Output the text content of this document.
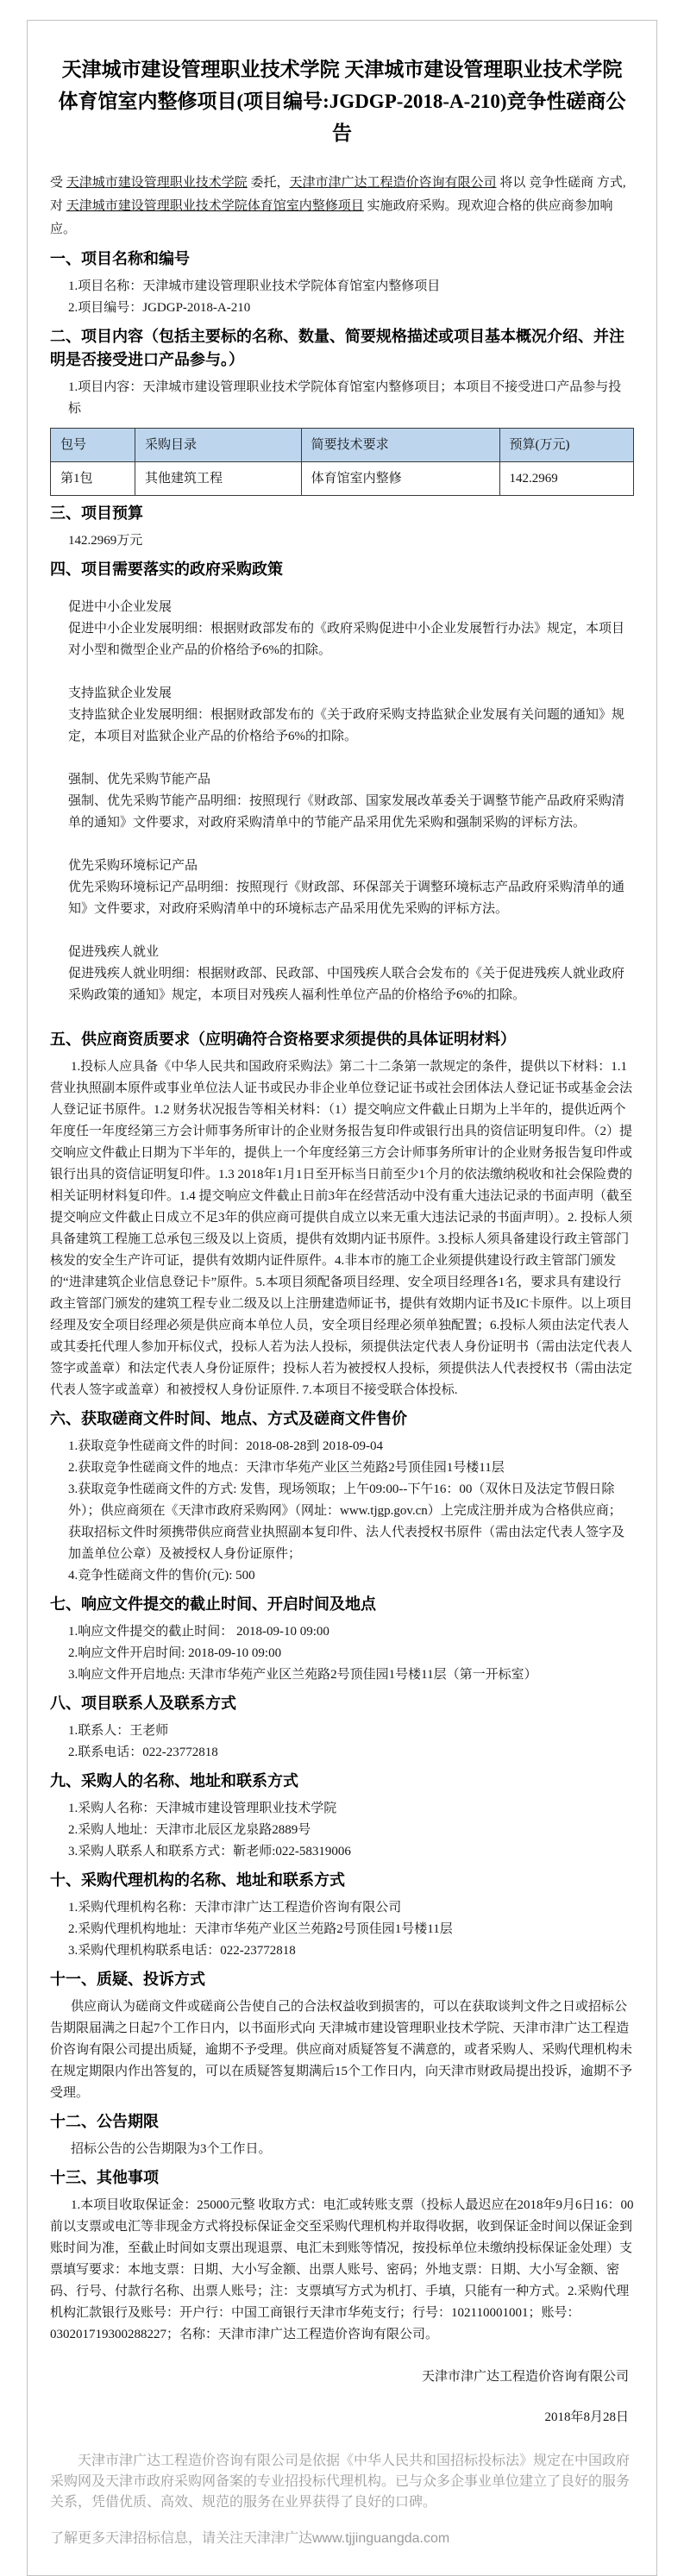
天津城市建设管理职业技术学院 天津城市建设管理职业技术学院体育馆室内整修项目(项目编号:JGDGP-2018-A-210)竞争性磋商公告

受 天津城市建设管理职业技术学院 委托，天津市津广达工程造价咨询有限公司 将以 竞争性磋商 方式,对 天津城市建设管理职业技术学院体育馆室内整修项目 实施政府采购。现欢迎合格的供应商参加响应。

一、项目名称和编号

1.项目名称：天津城市建设管理职业技术学院体育馆室内整修项目

2.项目编号：JGDGP-2018-A-210

二、项目内容（包括主要标的名称、数量、简要规格描述或项目基本概况介绍、并注明是否接受进口产品参与。）

1.项目内容：天津城市建设管理职业技术学院体育馆室内整修项目；本项目不接受进口产品参与投标

包号	采购目录	简要技术要求	预算(万元)
第1包	其他建筑工程	体育馆室内整修	142.2969
三、项目预算

142.2969万元

四、项目需要落实的政府采购政策

促进中小企业发展

促进中小企业发展明细：根据财政部发布的《政府采购促进中小企业发展暂行办法》规定，本项目对小型和微型企业产品的价格给予6%的扣除。

支持监狱企业发展

支持监狱企业发展明细：根据财政部发布的《关于政府采购支持监狱企业发展有关问题的通知》规定，本项目对监狱企业产品的价格给予6%的扣除。

强制、优先采购节能产品

强制、优先采购节能产品明细：按照现行《财政部、国家发展改革委关于调整节能产品政府采购清单的通知》文件要求，对政府采购清单中的节能产品采用优先采购和强制采购的评标方法。

优先采购环境标记产品

优先采购环境标记产品明细：按照现行《财政部、环保部关于调整环境标志产品政府采购清单的通知》文件要求，对政府采购清单中的环境标志产品采用优先采购的评标方法。

促进残疾人就业

促进残疾人就业明细：根据财政部、民政部、中国残疾人联合会发布的《关于促进残疾人就业政府采购政策的通知》规定，本项目对残疾人福利性单位产品的价格给予6%的扣除。

五、供应商资质要求（应明确符合资格要求须提供的具体证明材料）

1.投标人应具备《中华人民共和国政府采购法》第二十二条第一款规定的条件，提供以下材料：1.1营业执照副本原件或事业单位法人证书或民办非企业单位登记证书或社会团体法人登记证书或基金会法人登记证书原件。1.2 财务状况报告等相关材料：（1）提交响应文件截止日期为上半年的，提供近两个年度任一年度经第三方会计师事务所审计的企业财务报告复印件或银行出具的资信证明复印件。（2）提交响应文件截止日期为下半年的，提供上一个年度经第三方会计师事务所审计的企业财务报告复印件或银行出具的资信证明复印件。1.3 2018年1月1日至开标当日前至少1个月的依法缴纳税收和社会保险费的相关证明材料复印件。1.4 提交响应文件截止日前3年在经营活动中没有重大违法记录的书面声明（截至提交响应文件截止日成立不足3年的供应商可提供自成立以来无重大违法记录的书面声明）。2. 投标人须具备建筑工程施工总承包三级及以上资质，提供有效期内证书原件。3.投标人须具备建设行政主管部门核发的安全生产许可证，提供有效期内证件原件。4.非本市的施工企业须提供建设行政主管部门颁发的“进津建筑企业信息登记卡”原件。5.本项目须配备项目经理、安全项目经理各1名，要求具有建设行政主管部门颁发的建筑工程专业二级及以上注册建造师证书，提供有效期内证书及IC卡原件。以上项目经理及安全项目经理必须是供应商本单位人员，安全项目经理必须单独配置；6.投标人须由法定代表人或其委托代理人参加开标仪式，投标人若为法人投标，须提供法定代表人身份证明书（需由法定代表人签字或盖章）和法定代表人身份证原件；投标人若为被授权人投标，须提供法人代表授权书（需由法定代表人签字或盖章）和被授权人身份证原件. 7.本项目不接受联合体投标.

六、获取磋商文件时间、地点、方式及磋商文件售价

1.获取竞争性磋商文件的时间：2018-08-28到 2018-09-04

2.获取竞争性磋商文件的地点：天津市华苑产业区兰苑路2号顶佳园1号楼11层

3.获取竞争性磋商文件的方式: 发售，现场领取；上午09:00--下午16：00（双休日及法定节假日除外）；供应商须在《天津市政府采购网》（网址：www.tjgp.gov.cn）上完成注册并成为合格供应商；获取招标文件时须携带供应商营业执照副本复印件、法人代表授权书原件（需由法定代表人签字及加盖单位公章）及被授权人身份证原件；

4.竞争性磋商文件的售价(元): 500

七、响应文件提交的截止时间、开启时间及地点

1.响应文件提交的截止时间： 2018-09-10 09:00

2.响应文件开启时间: 2018-09-10 09:00

3.响应文件开启地点: 天津市华苑产业区兰苑路2号顶佳园1号楼11层（第一开标室）

八、项目联系人及联系方式

1.联系人：王老师

2.联系电话：022-23772818

九、采购人的名称、地址和联系方式

1.采购人名称：天津城市建设管理职业技术学院

2.采购人地址：天津市北辰区龙泉路2889号

3.采购人联系人和联系方式：靳老师:022-58319006

十、采购代理机构的名称、地址和联系方式

1.采购代理机构名称：天津市津广达工程造价咨询有限公司

2.采购代理机构地址：天津市华苑产业区兰苑路2号顶佳园1号楼11层

3.采购代理机构联系电话：022-23772818

十一、质疑、投诉方式

供应商认为磋商文件或磋商公告使自己的合法权益收到损害的，可以在获取谈判文件之日或招标公告期限届满之日起7个工作日内，以书面形式向 天津城市建设管理职业技术学院、天津市津广达工程造价咨询有限公司提出质疑，逾期不予受理。供应商对质疑答复不满意的，或者采购人、采购代理机构未在规定期限内作出答复的，可以在质疑答复期满后15个工作日内，向天津市财政局提出投诉，逾期不予受理。

十二、公告期限

招标公告的公告期限为3个工作日。

十三、其他事项

1.本项目收取保证金：25000元整 收取方式：电汇或转账支票（投标人最迟应在2018年9月6日16：00前以支票或电汇等非现金方式将投标保证金交至采购代理机构并取得收据，收到保证金时间以保证金到账时间为准，至截止时间如支票出现退票、电汇未到账等情况，按投标单位未缴纳投标保证金处理）支票填写要求：本地支票：日期、大小写金额、出票人账号、密码；外地支票：日期、大小写金额、密码、行号、付款行名称、出票人账号；注：支票填写方式为机打、手填，只能有一种方式。2.采购代理机构汇款银行及账号：开户行：中国工商银行天津市华苑支行；行号：102110001001；账号：030201719300288227；名称：天津市津广达工程造价咨询有限公司。

天津市津广达工程造价咨询有限公司

2018年8月28日

天津市津广达工程造价咨询有限公司是依据《中华人民共和国招标投标法》规定在中国政府采购网及天津市政府采购网备案的专业招投标代理机构。已与众多企事业单位建立了良好的服务关系，凭借优质、高效、规范的服务在业界获得了良好的口碑。

了解更多天津招标信息，请关注天津津广达www.tjjinguangda.com
